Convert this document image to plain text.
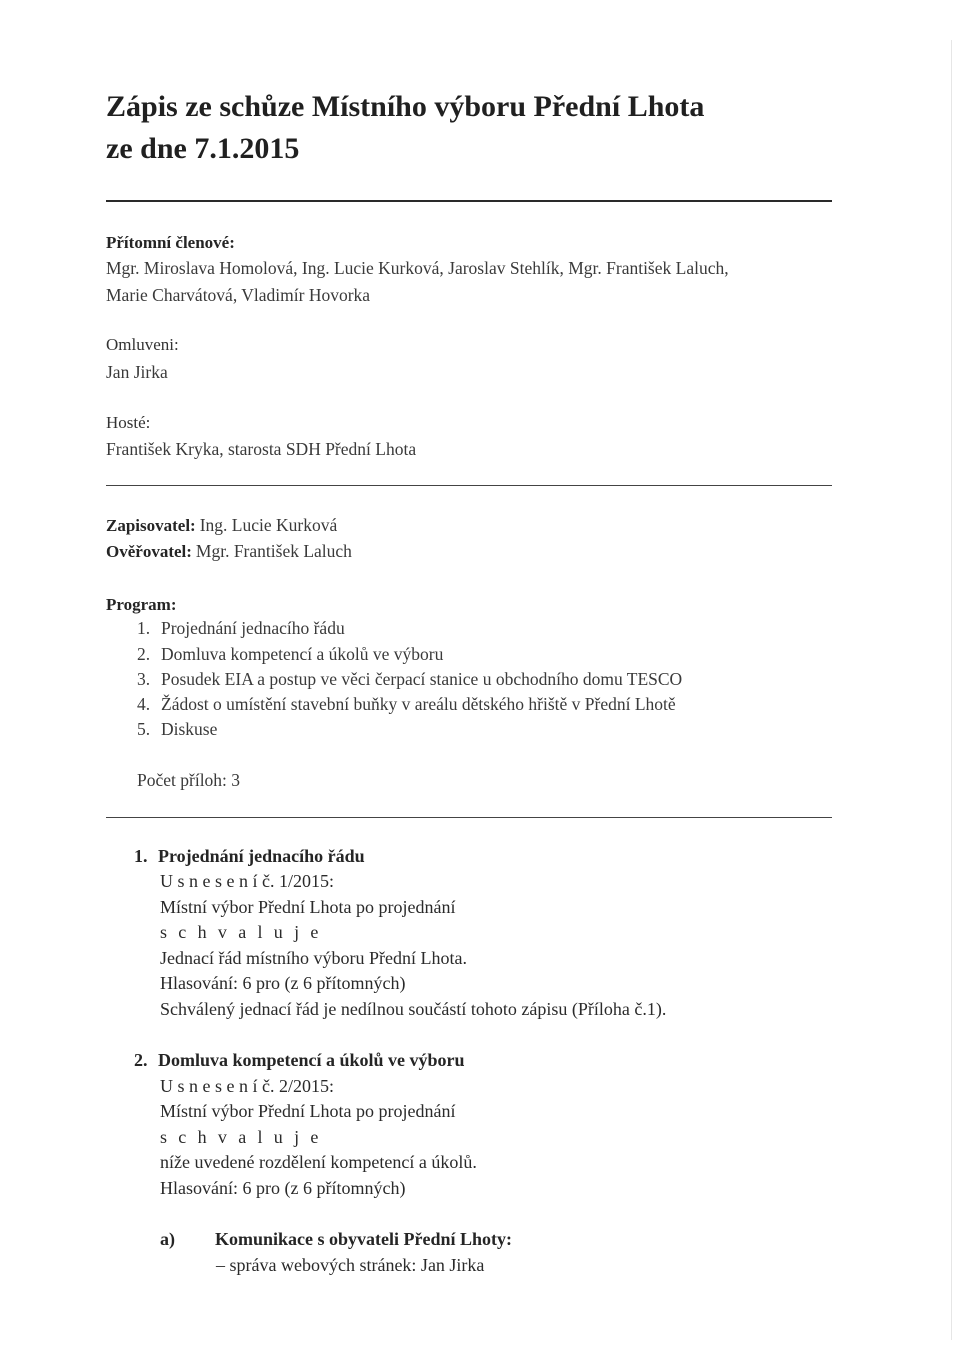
Zápis ze schůze Místního výboru Přední Lhota
ze dne 7.1.2015
Přítomní členové:
Mgr. Miroslava Homolová, Ing. Lucie Kurková, Jaroslav Stehlík, Mgr. František Laluch,
Marie Charvátová, Vladimír Hovorka
Omluveni:
Jan Jirka
Hosté:
František Kryka, starosta SDH Přední Lhota
Zapisovatel: Ing. Lucie Kurková
Ověřovatel: Mgr. František Laluch
Program:
1. Projednání jednacího řádu
2. Domluva kompetencí a úkolů ve výboru
3. Posudek EIA a postup ve věci čerpací stanice u obchodního domu TESCO
4. Žádost o umístění stavební buňky v areálu dětského hřiště v Přední Lhotě
5. Diskuse
Počet příloh: 3
1. Projednání jednacího řádu
U s n e s e n í č. 1/2015:
Místní výbor Přední Lhota po projednání
s c h v a l u j e
Jednací řád místního výboru Přední Lhota.
Hlasování: 6 pro (z 6 přítomných)
Schválený jednací řád je nedílnou součástí tohoto zápisu (Příloha č.1).
2. Domluva kompetencí a úkolů ve výboru
U s n e s e n í č. 2/2015:
Místní výbor Přední Lhota po projednání
s c h v a l u j e
níže uvedené rozdělení kompetencí a úkolů.
Hlasování: 6 pro (z 6 přítomných)
a) Komunikace s obyvateli Přední Lhoty:
– správa webových stránek: Jan Jirka
